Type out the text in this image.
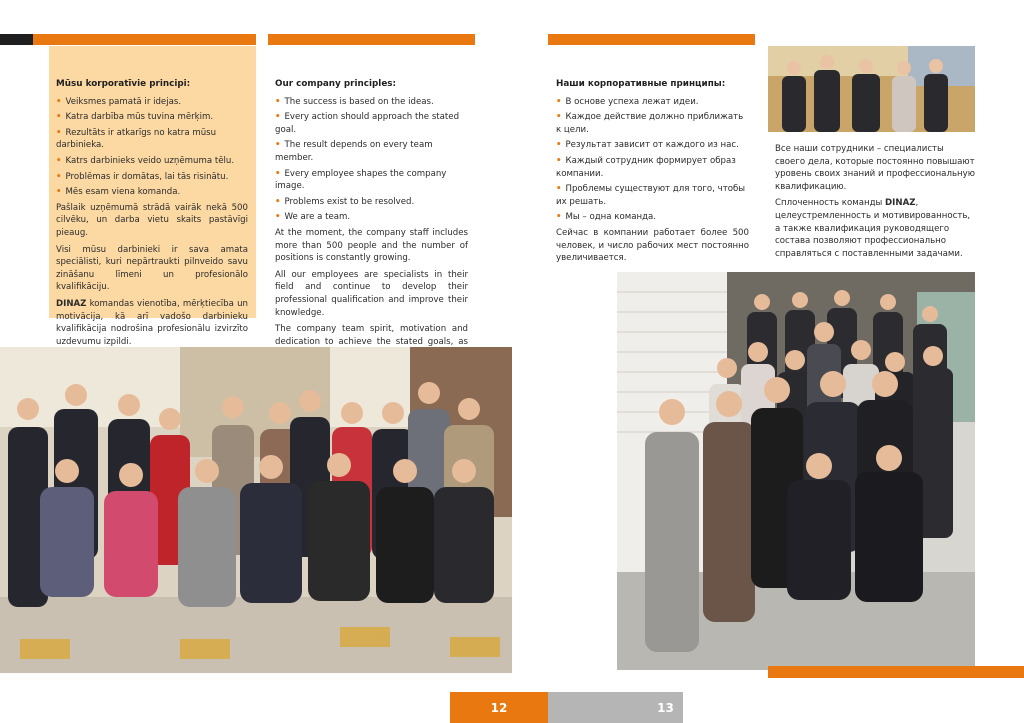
Mūsu korporatīvie principi:
• Veiksmes pamatā ir idejas.
• Katra darbība mūs tuvina mērķim.
• Rezultāts ir atkarīgs no katra mūsu darbinieka.
• Katrs darbinieks veido uzņēmuma tēlu.
• Problēmas ir domātas, lai tās risinātu.
• Mēs esam viena komanda.

Pašlaik uzņēmumā strādā vairāk nekā 500 cilvēku, un darba vietu skaits pastāvīgi pieaug.

Visi mūsu darbinieki ir sava amata speciālisti, kuri nepārtraukti pilnveido savu zināšanu līmeni un profesionālo kvalifikāciju.

DINAZ komandas vienotība, mērķtiecība un motivācija, kā arī vadošo darbinieku kvalifikācija nodrošina profesionālu izvirzīto uzdevumu izpildi.

Our company principles:
• The success is based on the ideas.
• Every action should approach the stated goal.
• The result depends on every team member.
• Every employee shapes the company image.
• Problems exist to be resolved.
• We are a team.

At the moment, the company staff includes more than 500 people and the number of positions is constantly growing.

All our employees are specialists in their field and continue to develop their professional qualification and improve their knowledge.

The company team spirit, motivation and dedication to achieve the stated goals, as

Наши корпоративные принципы:
• В основе успеха лежат идеи.
• Каждое действие должно приближать к цели.
• Результат зависит от каждого из нас.
• Каждый сотрудник формирует образ компании.
• Проблемы существуют для того, чтобы их решать.
• Мы – одна команда.

Сейчас в компании работает более 500 человек, и число рабочих мест постоянно увеличивается.

Все наши сотрудники – специалисты своего дела, которые постоянно повышают уровень своих знаний и профессиональную квалификацию.

Сплоченность команды DINAZ, целеустремленность и мотивированность, а также квалификация руководящего состава позволяют профессионально справляться с поставленными задачами.

12	13
